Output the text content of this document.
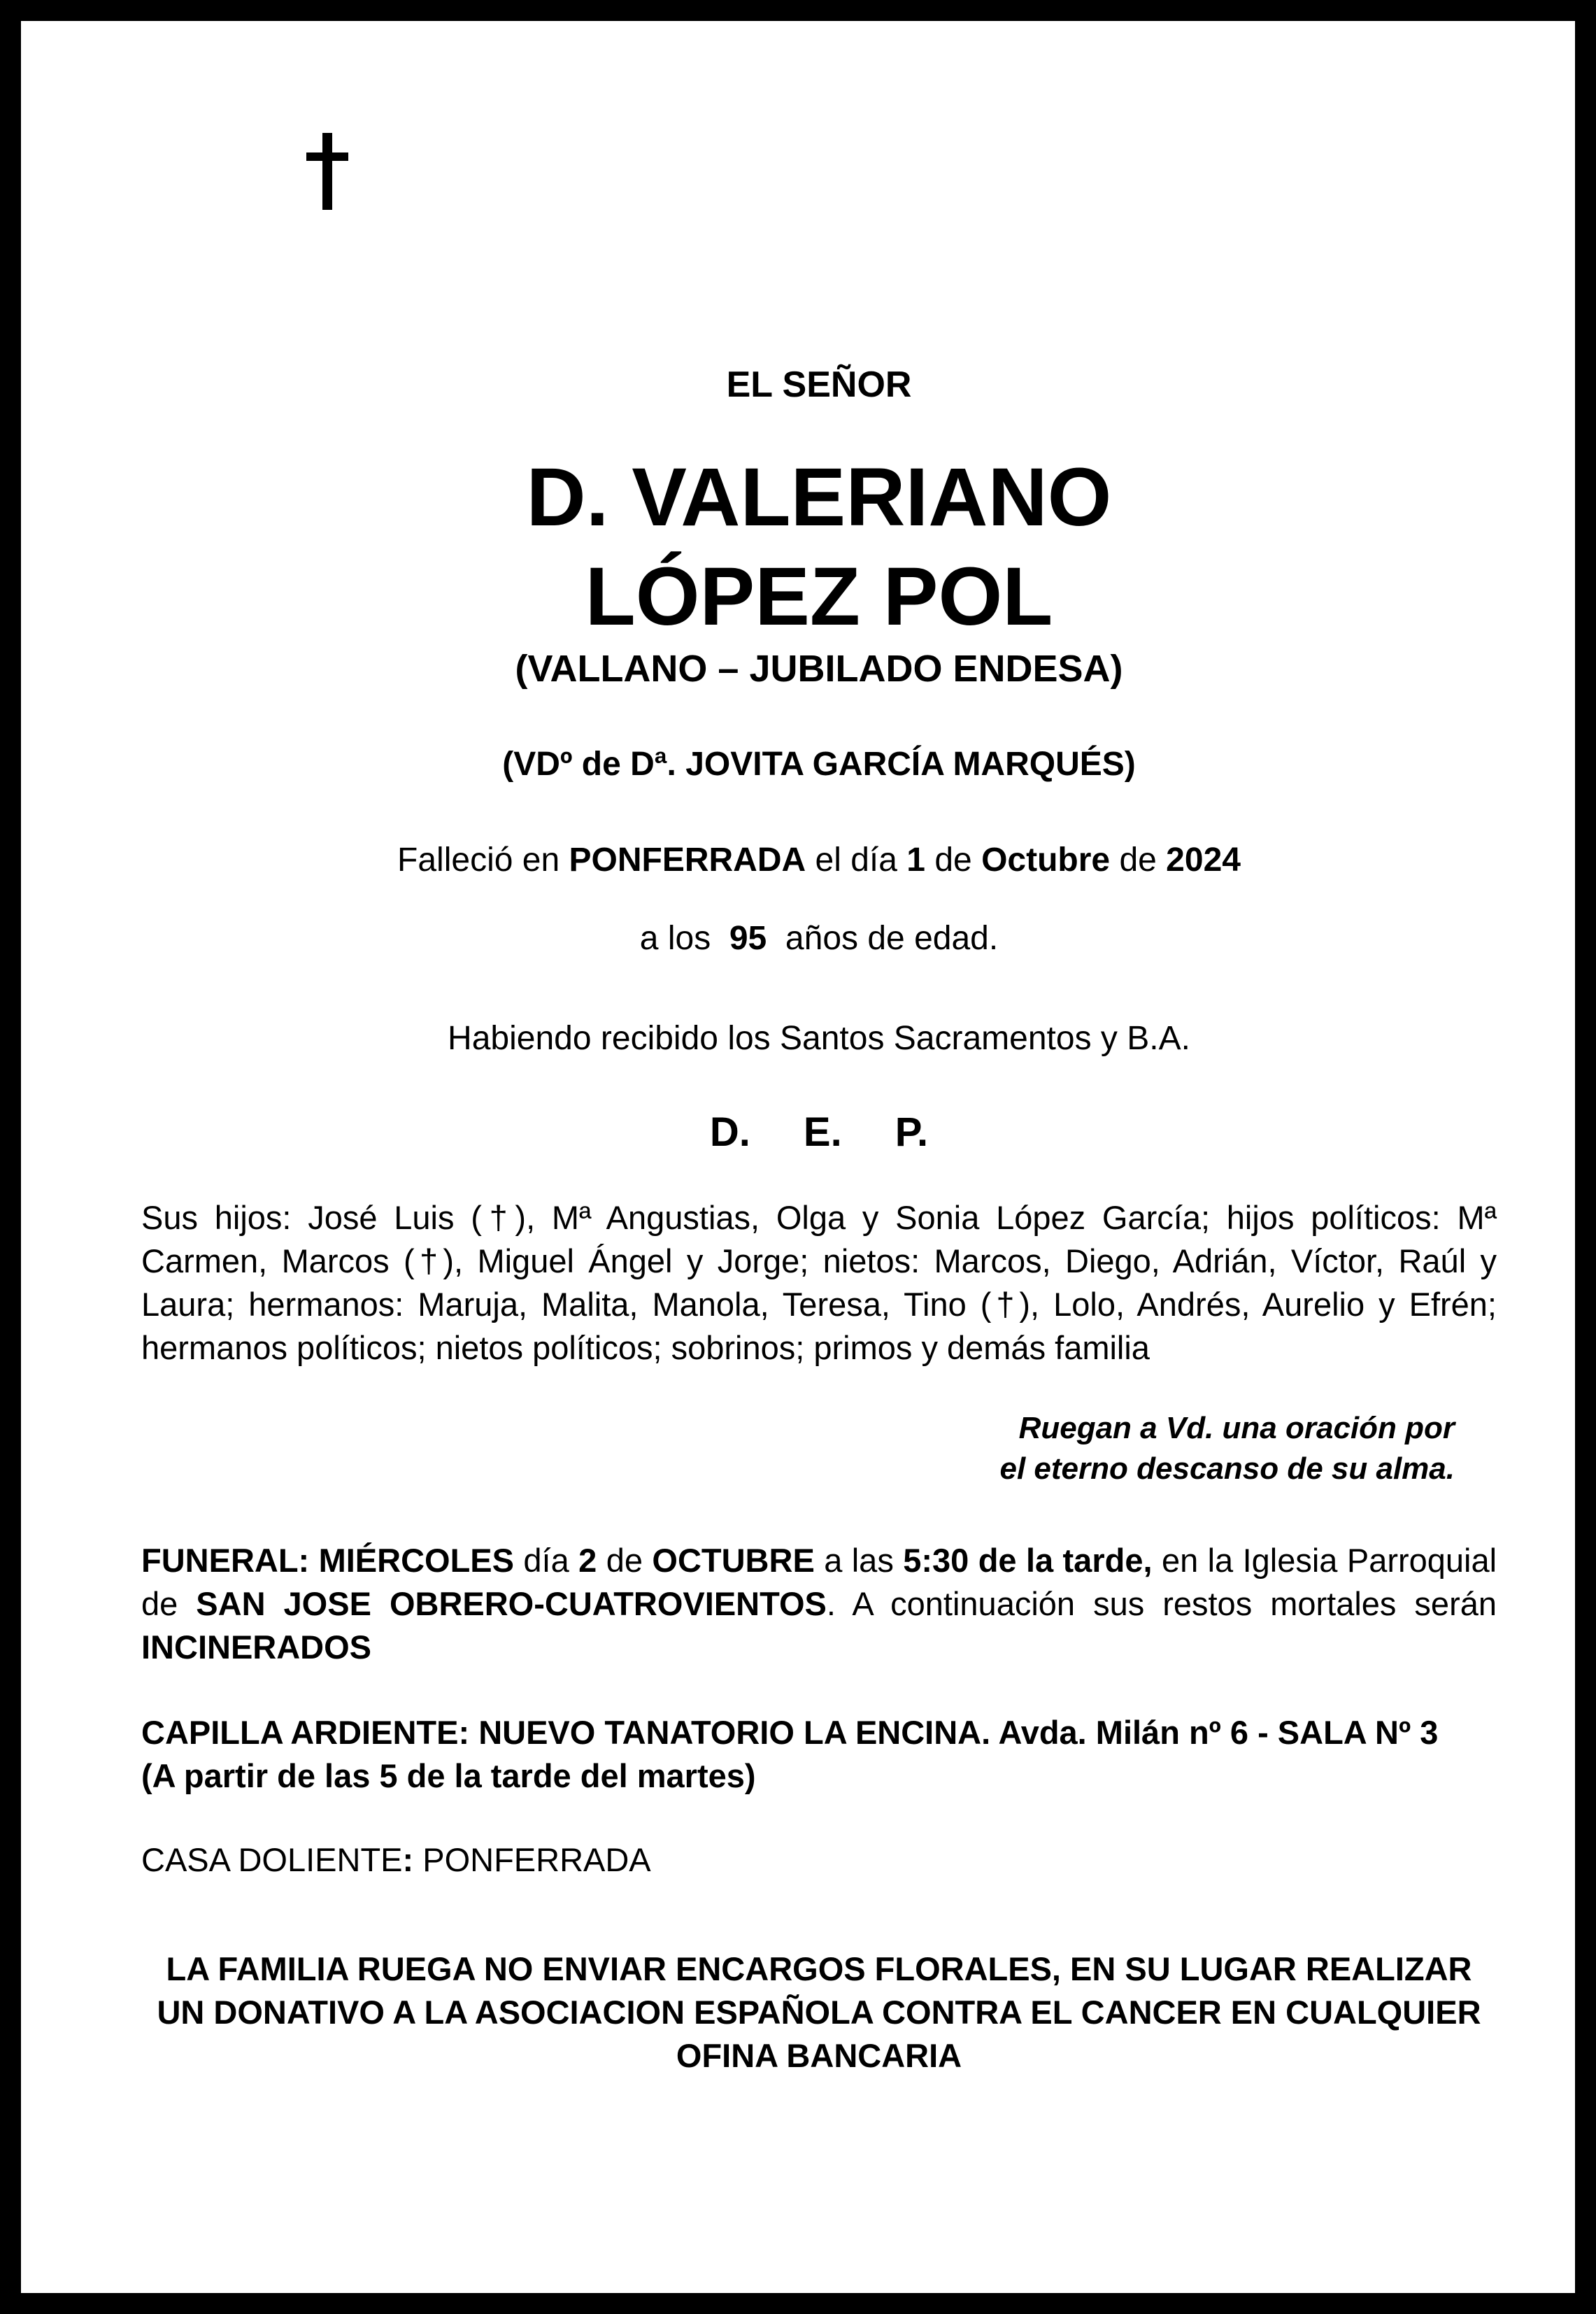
EL SEÑOR
D. VALERIANO
LÓPEZ POL
(VALLANO – JUBILADO ENDESA)
(VDº de Dª. JOVITA GARCÍA MARQUÉS)
Falleció en PONFERRADA el día 1 de Octubre de 2024
a los 95 años de edad.
Habiendo recibido los Santos Sacramentos y B.A.
D. E. P.
Sus hijos: José Luis (†), Mª Angustias, Olga y Sonia López García; hijos políticos: Mª Carmen, Marcos (†), Miguel Ángel y Jorge; nietos: Marcos, Diego, Adrián, Víctor, Raúl y Laura; hermanos: Maruja, Malita, Manola, Teresa, Tino (†), Lolo, Andrés, Aurelio y Efrén; hermanos políticos; nietos políticos; sobrinos; primos y demás familia
Ruegan a Vd. una oración por
el eterno descanso de su alma.
FUNERAL: MIÉRCOLES día 2 de OCTUBRE a las 5:30 de la tarde, en la Iglesia Parroquial de SAN JOSE OBRERO-CUATROVIENTOS. A continuación sus restos mortales serán INCINERADOS
CAPILLA ARDIENTE: NUEVO TANATORIO LA ENCINA. Avda. Milán nº 6 - SALA Nº 3
(A partir de las 5 de la tarde del martes)
CASA DOLIENTE: PONFERRADA
LA FAMILIA RUEGA NO ENVIAR ENCARGOS FLORALES, EN SU LUGAR REALIZAR UN DONATIVO A LA ASOCIACION ESPAÑOLA CONTRA EL CANCER EN CUALQUIER OFINA BANCARIA
